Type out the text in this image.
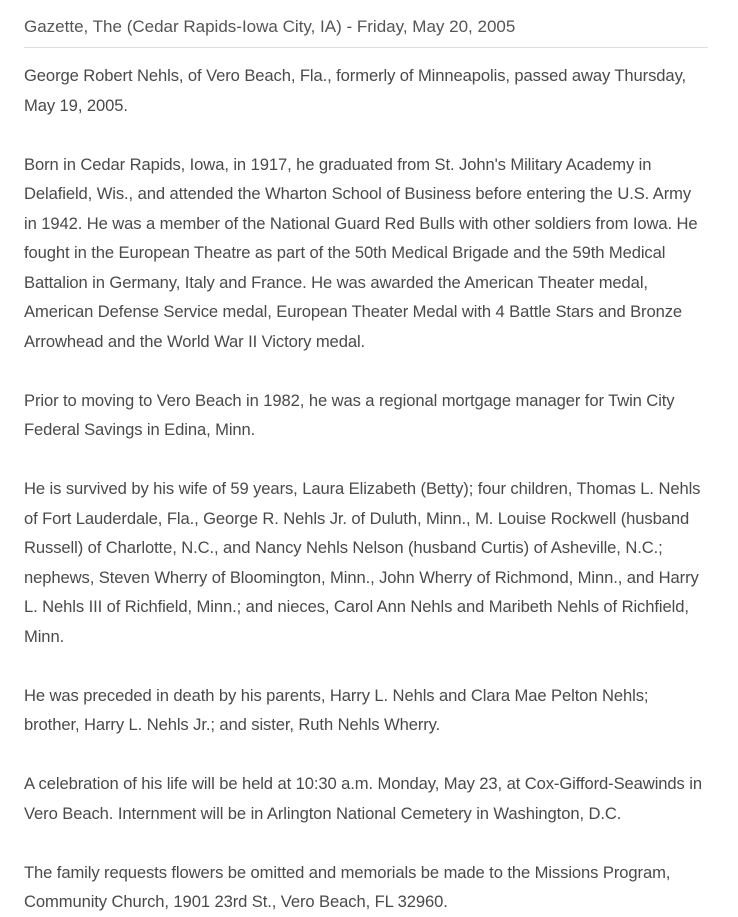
Gazette, The (Cedar Rapids-Iowa City, IA) - Friday, May 20, 2005

George Robert Nehls, of Vero Beach, Fla., formerly of Minneapolis, passed away Thursday, May 19, 2005.

Born in Cedar Rapids, Iowa, in 1917, he graduated from St. John's Military Academy in Delafield, Wis., and attended the Wharton School of Business before entering the U.S. Army in 1942. He was a member of the National Guard Red Bulls with other soldiers from Iowa. He fought in the European Theatre as part of the 50th Medical Brigade and the 59th Medical Battalion in Germany, Italy and France. He was awarded the American Theater medal, American Defense Service medal, European Theater Medal with 4 Battle Stars and Bronze Arrowhead and the World War II Victory medal.

Prior to moving to Vero Beach in 1982, he was a regional mortgage manager for Twin City Federal Savings in Edina, Minn.

He is survived by his wife of 59 years, Laura Elizabeth (Betty); four children, Thomas L. Nehls of Fort Lauderdale, Fla., George R. Nehls Jr. of Duluth, Minn., M. Louise Rockwell (husband Russell) of Charlotte, N.C., and Nancy Nehls Nelson (husband Curtis) of Asheville, N.C.; nephews, Steven Wherry of Bloomington, Minn., John Wherry of Richmond, Minn., and Harry L. Nehls III of Richfield, Minn.; and nieces, Carol Ann Nehls and Maribeth Nehls of Richfield, Minn.

He was preceded in death by his parents, Harry L. Nehls and Clara Mae Pelton Nehls; brother, Harry L. Nehls Jr.; and sister, Ruth Nehls Wherry.

A celebration of his life will be held at 10:30 a.m. Monday, May 23, at Cox-Gifford-Seawinds in Vero Beach. Internment will be in Arlington National Cemetery in Washington, D.C.

The family requests flowers be omitted and memorials be made to the Missions Program, Community Church, 1901 23rd St., Vero Beach, FL 32960.
